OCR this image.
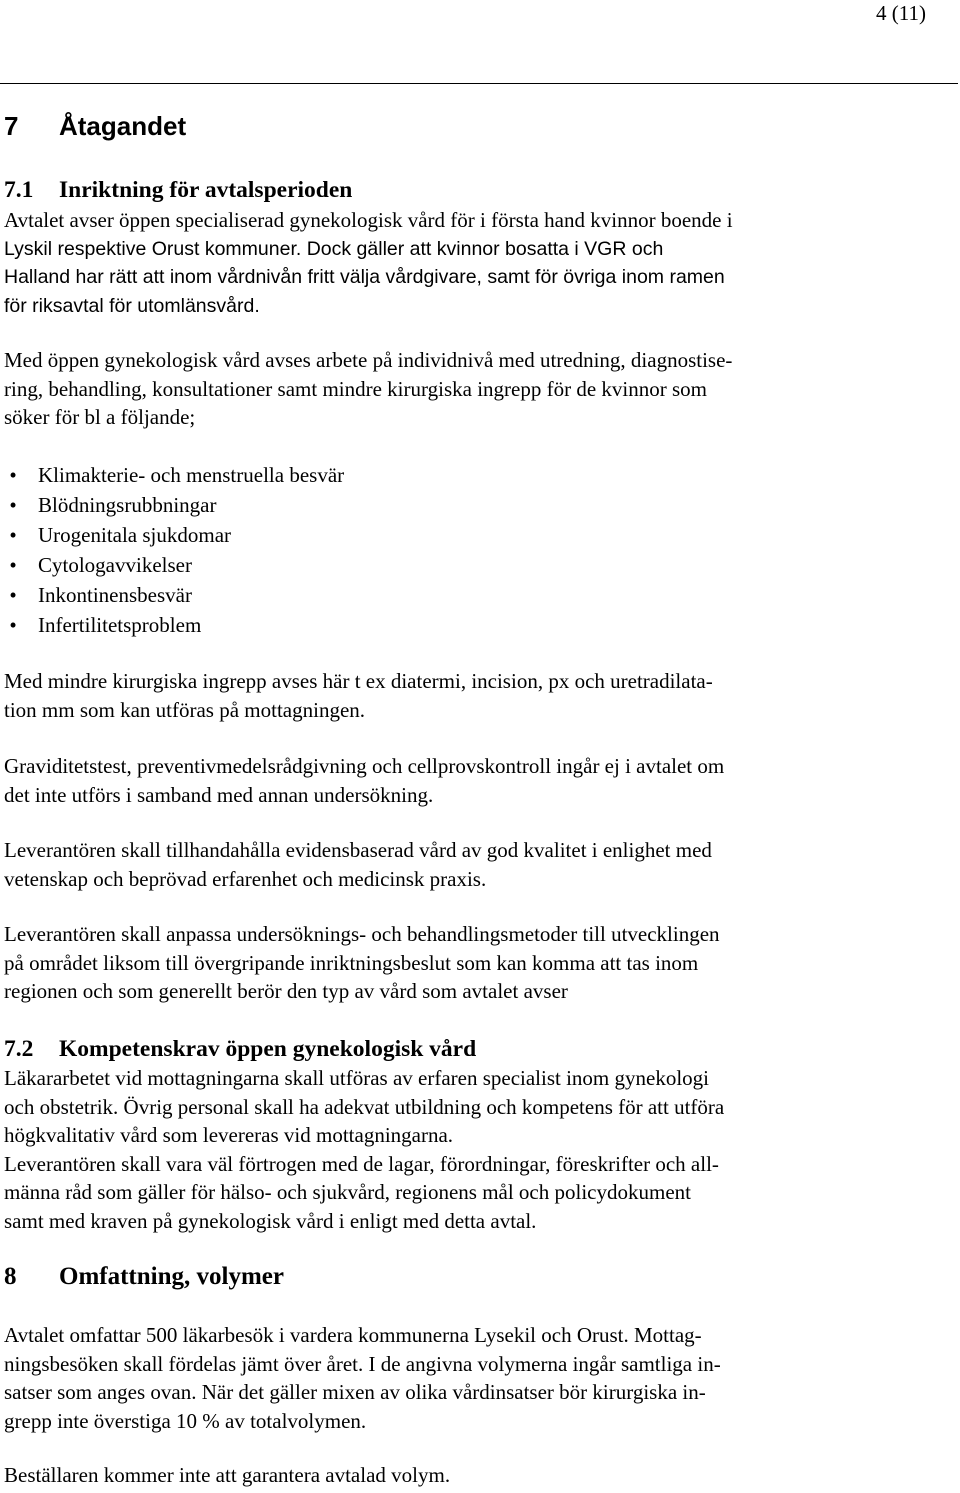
4 (11)
7 Åtagandet
7.1 Inriktning för avtalsperioden
Avtalet avser öppen specialiserad gynekologisk vård för i första hand kvinnor boende i
Lyskil respektive Orust kommuner. Dock gäller att kvinnor bosatta i VGR och
Halland har rätt att inom vårdnivån fritt välja vårdgivare, samt för övriga inom ramen
för riksavtal för utomlänsvård.
Med öppen gynekologisk vård avses arbete på individnivå med utredning, diagnostise-
ring, behandling, konsultationer samt mindre kirurgiska ingrepp för de kvinnor som
söker för bl a följande;
• Klimakterie- och menstruella besvär
• Blödningsrubbningar
• Urogenitala sjukdomar
• Cytologavvikelser
• Inkontinensbesvär
• Infertilitetsproblem
Med mindre kirurgiska ingrepp avses här t ex diatermi, incision, px och uretradilata-
tion mm som kan utföras på mottagningen.
Graviditetstest, preventivmedelsrådgivning och cellprovskontroll ingår ej i avtalet om
det inte utförs i samband med annan undersökning.
Leverantören skall tillhandahålla evidensbaserad vård av god kvalitet i enlighet med
vetenskap och beprövad erfarenhet och medicinsk praxis.
Leverantören skall anpassa undersöknings- och behandlingsmetoder till utvecklingen
på området liksom till övergripande inriktningsbeslut som kan komma att tas inom
regionen och som generellt berör den typ av vård som avtalet avser
7.2 Kompetenskrav öppen gynekologisk vård
Läkararbetet vid mottagningarna skall utföras av erfaren specialist inom gynekologi
och obstetrik. Övrig personal skall ha adekvat utbildning och kompetens för att utföra
högkvalitativ vård som levereras vid mottagningarna.
Leverantören skall vara väl förtrogen med de lagar, förordningar, föreskrifter och all-
männa råd som gäller för hälso- och sjukvård, regionens mål och policydokument
samt med kraven på gynekologisk vård i enligt med detta avtal.
8 Omfattning, volymer
Avtalet omfattar 500 läkarbesök i vardera kommunerna Lysekil och Orust. Mottag-
ningsbesöken skall fördelas jämt över året. I de angivna volymerna ingår samtliga in-
satser som anges ovan. När det gäller mixen av olika vårdinsatser bör kirurgiska in-
grepp inte överstiga 10 % av totalvolymen.
Beställaren kommer inte att garantera avtalad volym.
